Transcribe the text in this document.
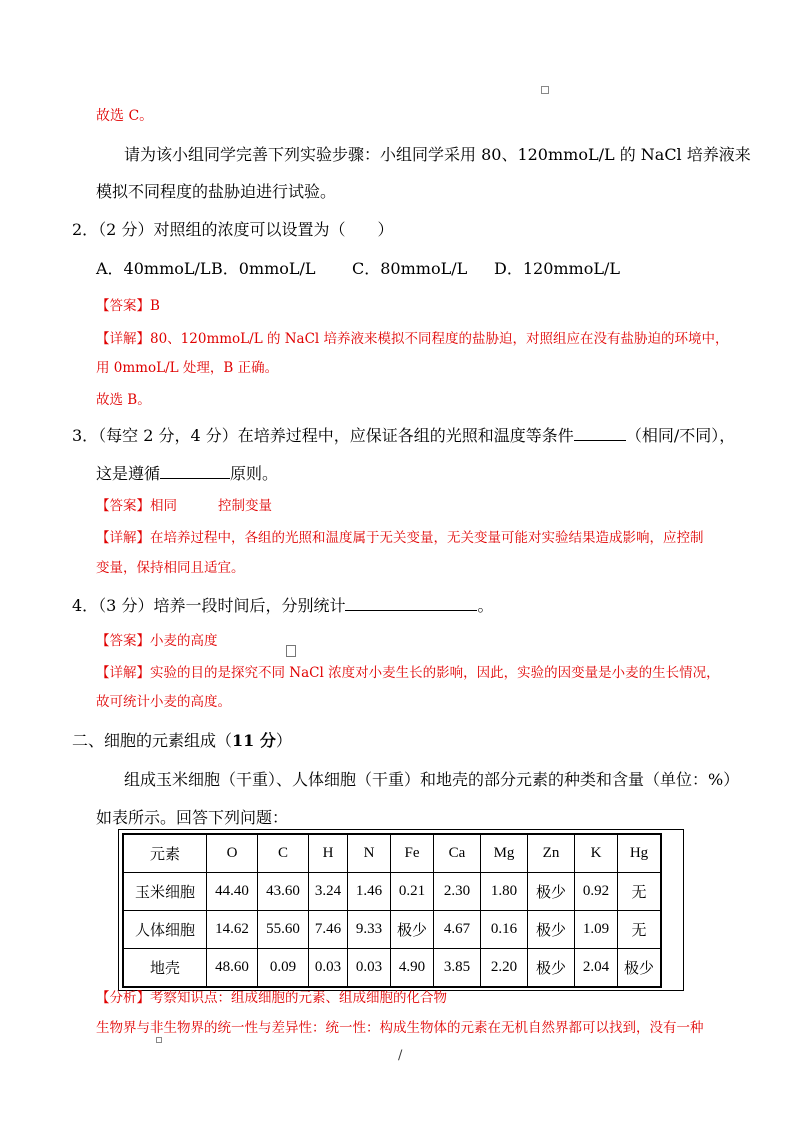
故选 C。
请为该小组同学完善下列实验步骤：小组同学采用 80、120mmoL/L 的 NaCl 培养液来
模拟不同程度的盐胁迫进行试验。
2．（2 分）对照组的浓度可以设置为（　　）
A．40mmoL/L B．0mmoL/L C．80mmoL/L D．120mmoL/L
【答案】B
【详解】80、120mmoL/L 的 NaCl 培养液来模拟不同程度的盐胁迫，对照组应在没有盐胁迫的环境中，
用 0mmoL/L 处理，B 正确。
故选 B。
3．（每空 2 分，4 分）在培养过程中，应保证各组的光照和温度等条件	（相同/不同），
这是遵循	原则。
【答案】相同	控制变量
【详解】在培养过程中，各组的光照和温度属于无关变量，无关变量可能对实验结果造成影响，应控制
变量，保持相同且适宜。
4．（3 分）培养一段时间后，分别统计	。
【答案】小麦的高度
【详解】实验的目的是探究不同 NaCl 浓度对小麦生长的影响，因此，实验的因变量是小麦的生长情况，
故可统计小麦的高度。
二、细胞的元素组成（11 分）
组成玉米细胞（干重）、人体细胞（干重）和地壳的部分元素的种类和含量（单位：%）
如表所示。回答下列问题：
元素	O	C	H	N	Fe	Ca	Mg	Zn	K	Hg
玉米细胞	44.40	43.60	3.24	1.46	0.21	2.30	1.80	极少	0.92	无
人体细胞	14.62	55.60	7.46	9.33	极少	4.67	0.16	极少	1.09	无
地壳	48.60	0.09	0.03	0.03	4.90	3.85	2.20	极少	2.04	极少
【分析】考察知识点：组成细胞的元素、组成细胞的化合物
生物界与非生物界的统一性与差异性：统一性：构成生物体的元素在无机自然界都可以找到，没有一种
/
